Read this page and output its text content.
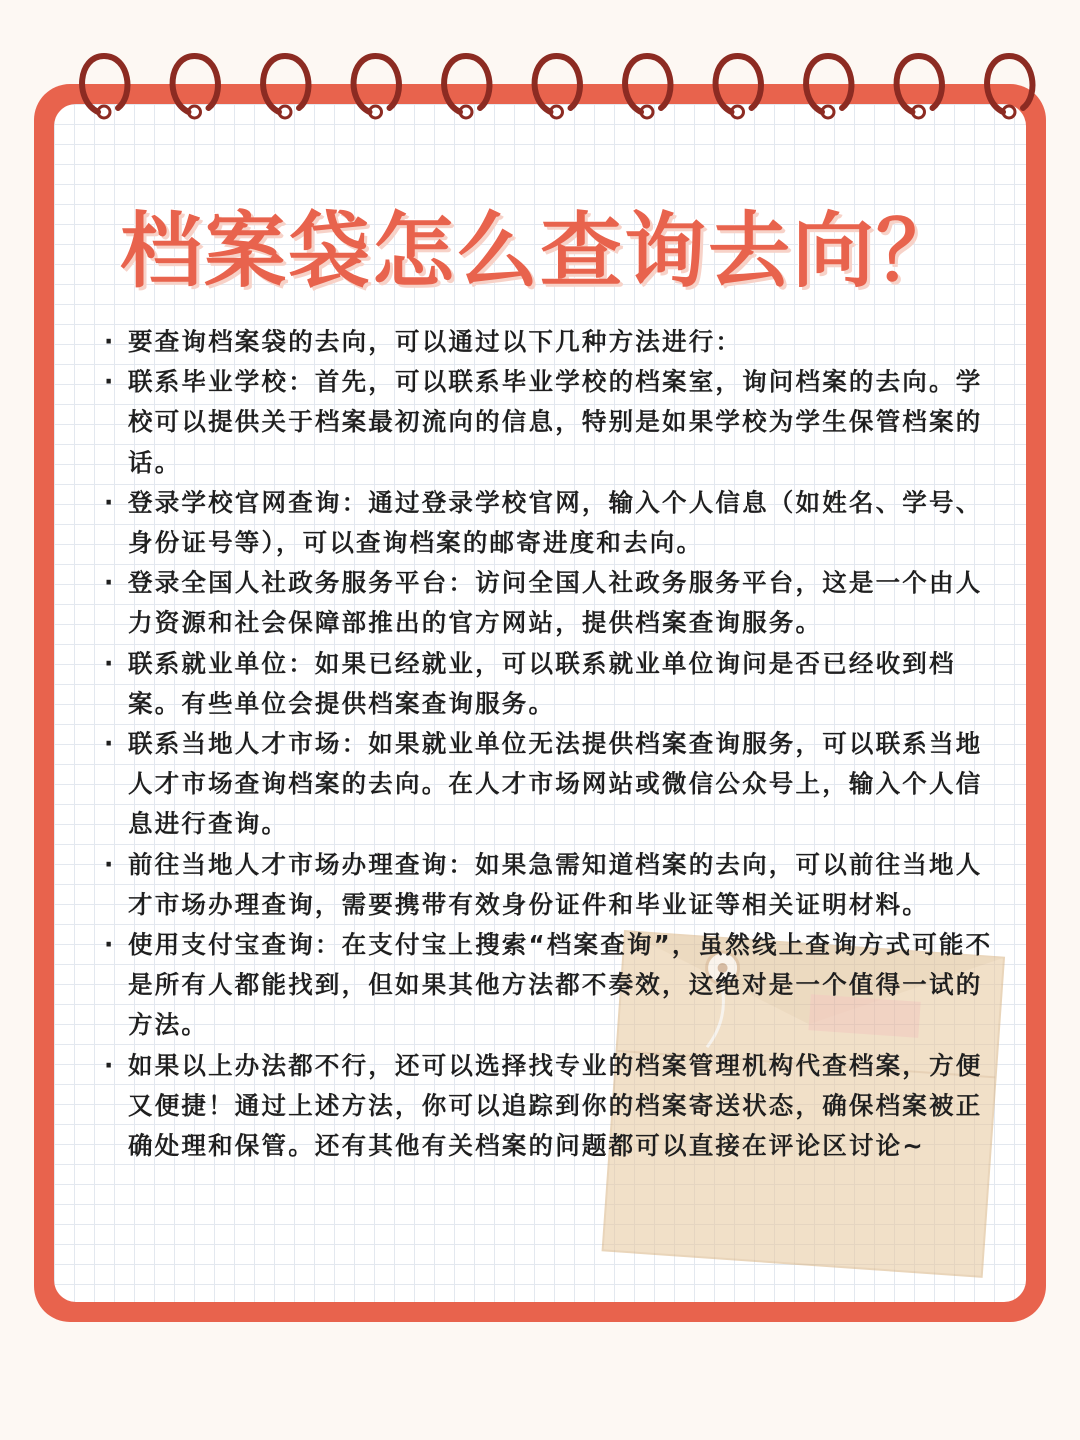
档案袋怎么查询去向？
· 要查询档案袋的去向，可以通过以下几种方法进行：
· 联系毕业学校：首先，可以联系毕业学校的档案室，询问档案的去向。学校可以提供关于档案最初流向的信息，特别是如果学校为学生保管档案的话。
· 登录学校官网查询：通过登录学校官网，输入个人信息（如姓名、学号、身份证号等），可以查询档案的邮寄进度和去向。
· 登录全国人社政务服务平台：访问全国人社政务服务平台，这是一个由人力资源和社会保障部推出的官方网站，提供档案查询服务。
· 联系就业单位：如果已经就业，可以联系就业单位询问是否已经收到档案。有些单位会提供档案查询服务。
· 联系当地人才市场：如果就业单位无法提供档案查询服务，可以联系当地人才市场查询档案的去向。在人才市场网站或微信公众号上，输入个人信息进行查询。
· 前往当地人才市场办理查询：如果急需知道档案的去向，可以前往当地人才市场办理查询，需要携带有效身份证件和毕业证等相关证明材料。
· 使用支付宝查询：在支付宝上搜索“档案查询”，虽然线上查询方式可能不是所有人都能找到，但如果其他方法都不奏效，这绝对是一个值得一试的方法。
· 如果以上办法都不行，还可以选择找专业的档案管理机构代查档案，方便又便捷！通过上述方法，你可以追踪到你的档案寄送状态，确保档案被正确处理和保管。还有其他有关档案的问题都可以直接在评论区讨论~
